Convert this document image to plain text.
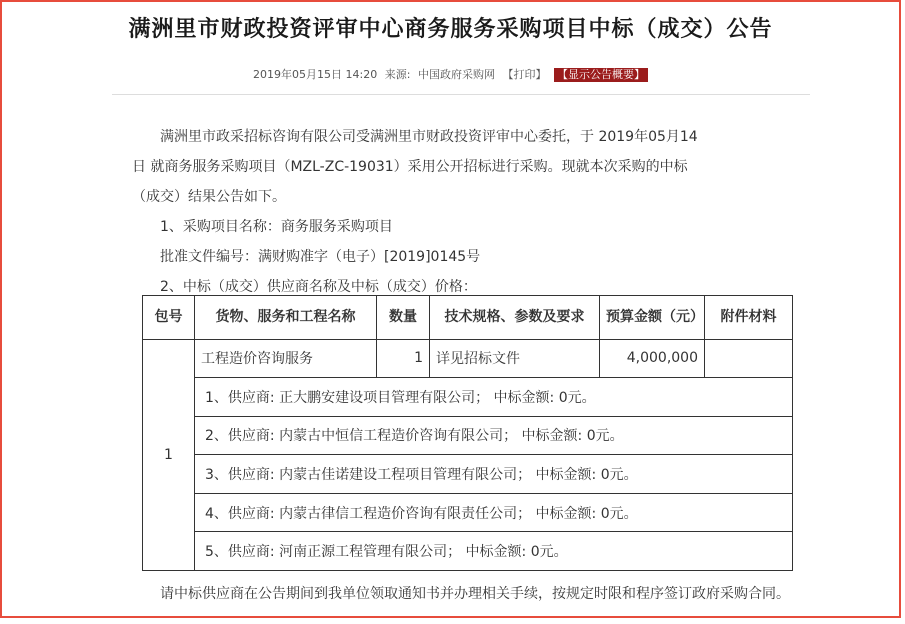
满洲里市财政投资评审中心商务服务采购项目中标（成交）公告
2019年05月15日 14:20 来源: 中国政府采购网 【打印】 【显示公告概要】

满洲里市政采招标咨询有限公司受满洲里市财政投资评审中心委托，于 2019年05月14日 就商务服务采购项目（MZL-ZC-19031）采用公开招标进行采购。现就本次采购的中标（成交）结果公告如下。

1、采购项目名称：商务服务采购项目

批准文件编号：满财购准字（电子）[2019]0145号

2、中标（成交）供应商名称及中标（成交）价格：

包号	货物、服务和工程名称	数量	技术规格、参数及要求	预算金额（元）	附件材料
1	工程造价咨询服务	1	详见招标文件	4,000,000	
	1、供应商: 正大鹏安建设项目管理有限公司； 中标金额: 0元。				
	2、供应商: 内蒙古中恒信工程造价咨询有限公司； 中标金额: 0元。				
	3、供应商: 内蒙古佳诺建设工程项目管理有限公司； 中标金额: 0元。				
	4、供应商: 内蒙古律信工程造价咨询有限责任公司； 中标金额: 0元。				
	5、供应商: 河南正源工程管理有限公司； 中标金额: 0元。				
请中标供应商在公告期间到我单位领取通知书并办理相关手续，按规定时限和程序签订政府采购合同。
